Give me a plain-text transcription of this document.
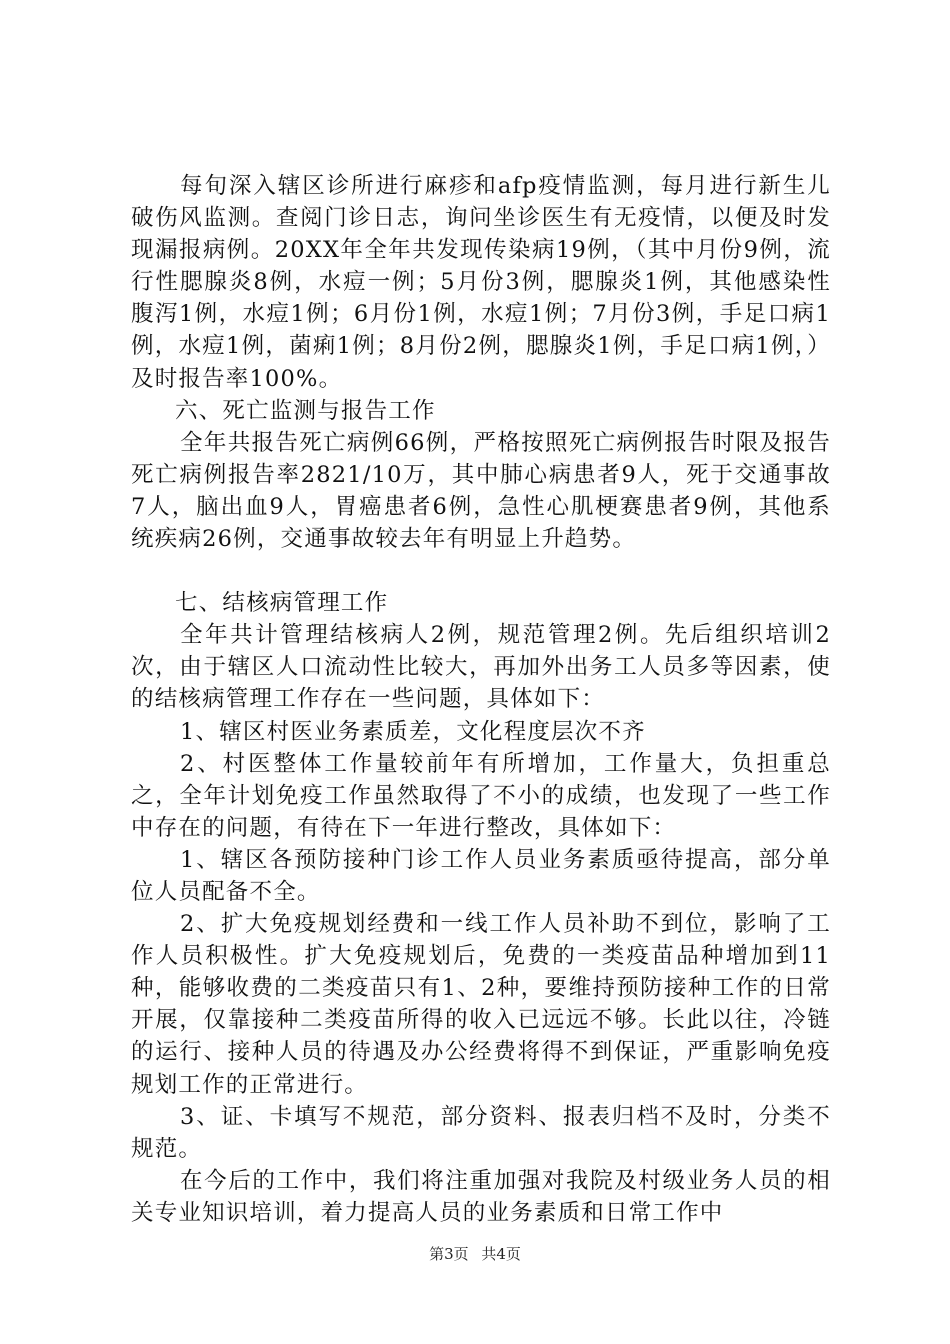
每旬深入辖区诊所进行麻疹和afp疫情监测，每月进行新生儿破伤风监测。查阅门诊日志，询问坐诊医生有无疫情，以便及时发现漏报病例。20XX年全年共发现传染病19例，（其中月份9例，流行性腮腺炎8例，水痘一例；5月份3例，腮腺炎1例，其他感染性腹泻1例，水痘1例；6月份1例，水痘1例；7月份3例，手足口病1例，水痘1例，菌痢1例；8月份2例，腮腺炎1例，手足口病1例，）及时报告率100%。

六、死亡监测与报告工作

全年共报告死亡病例66例，严格按照死亡病例报告时限及报告死亡病例报告率2821/10万，其中肺心病患者9人，死于交通事故7人，脑出血9人，胃癌患者6例，急性心肌梗赛患者9例，其他系统疾病26例，交通事故较去年有明显上升趋势。

七、结核病管理工作

全年共计管理结核病人2例，规范管理2例。先后组织培训2次，由于辖区人口流动性比较大，再加外出务工人员多等因素，使的结核病管理工作存在一些问题，具体如下：

1、辖区村医业务素质差，文化程度层次不齐

2、村医整体工作量较前年有所增加，工作量大，负担重总之，全年计划免疫工作虽然取得了不小的成绩，也发现了一些工作中存在的问题，有待在下一年进行整改，具体如下：

1、辖区各预防接种门诊工作人员业务素质亟待提高，部分单位人员配备不全。

2、扩大免疫规划经费和一线工作人员补助不到位，影响了工作人员积极性。扩大免疫规划后，免费的一类疫苗品种增加到11种，能够收费的二类疫苗只有1、2种，要维持预防接种工作的日常开展，仅靠接种二类疫苗所得的收入已远远不够。长此以往，冷链的运行、接种人员的待遇及办公经费将得不到保证，严重影响免疫规划工作的正常进行。

3、证、卡填写不规范，部分资料、报表归档不及时，分类不规范。

在今后的工作中，我们将注重加强对我院及村级业务人员的相关专业知识培训，着力提高人员的业务素质和日常工作中

第3页 共4页
